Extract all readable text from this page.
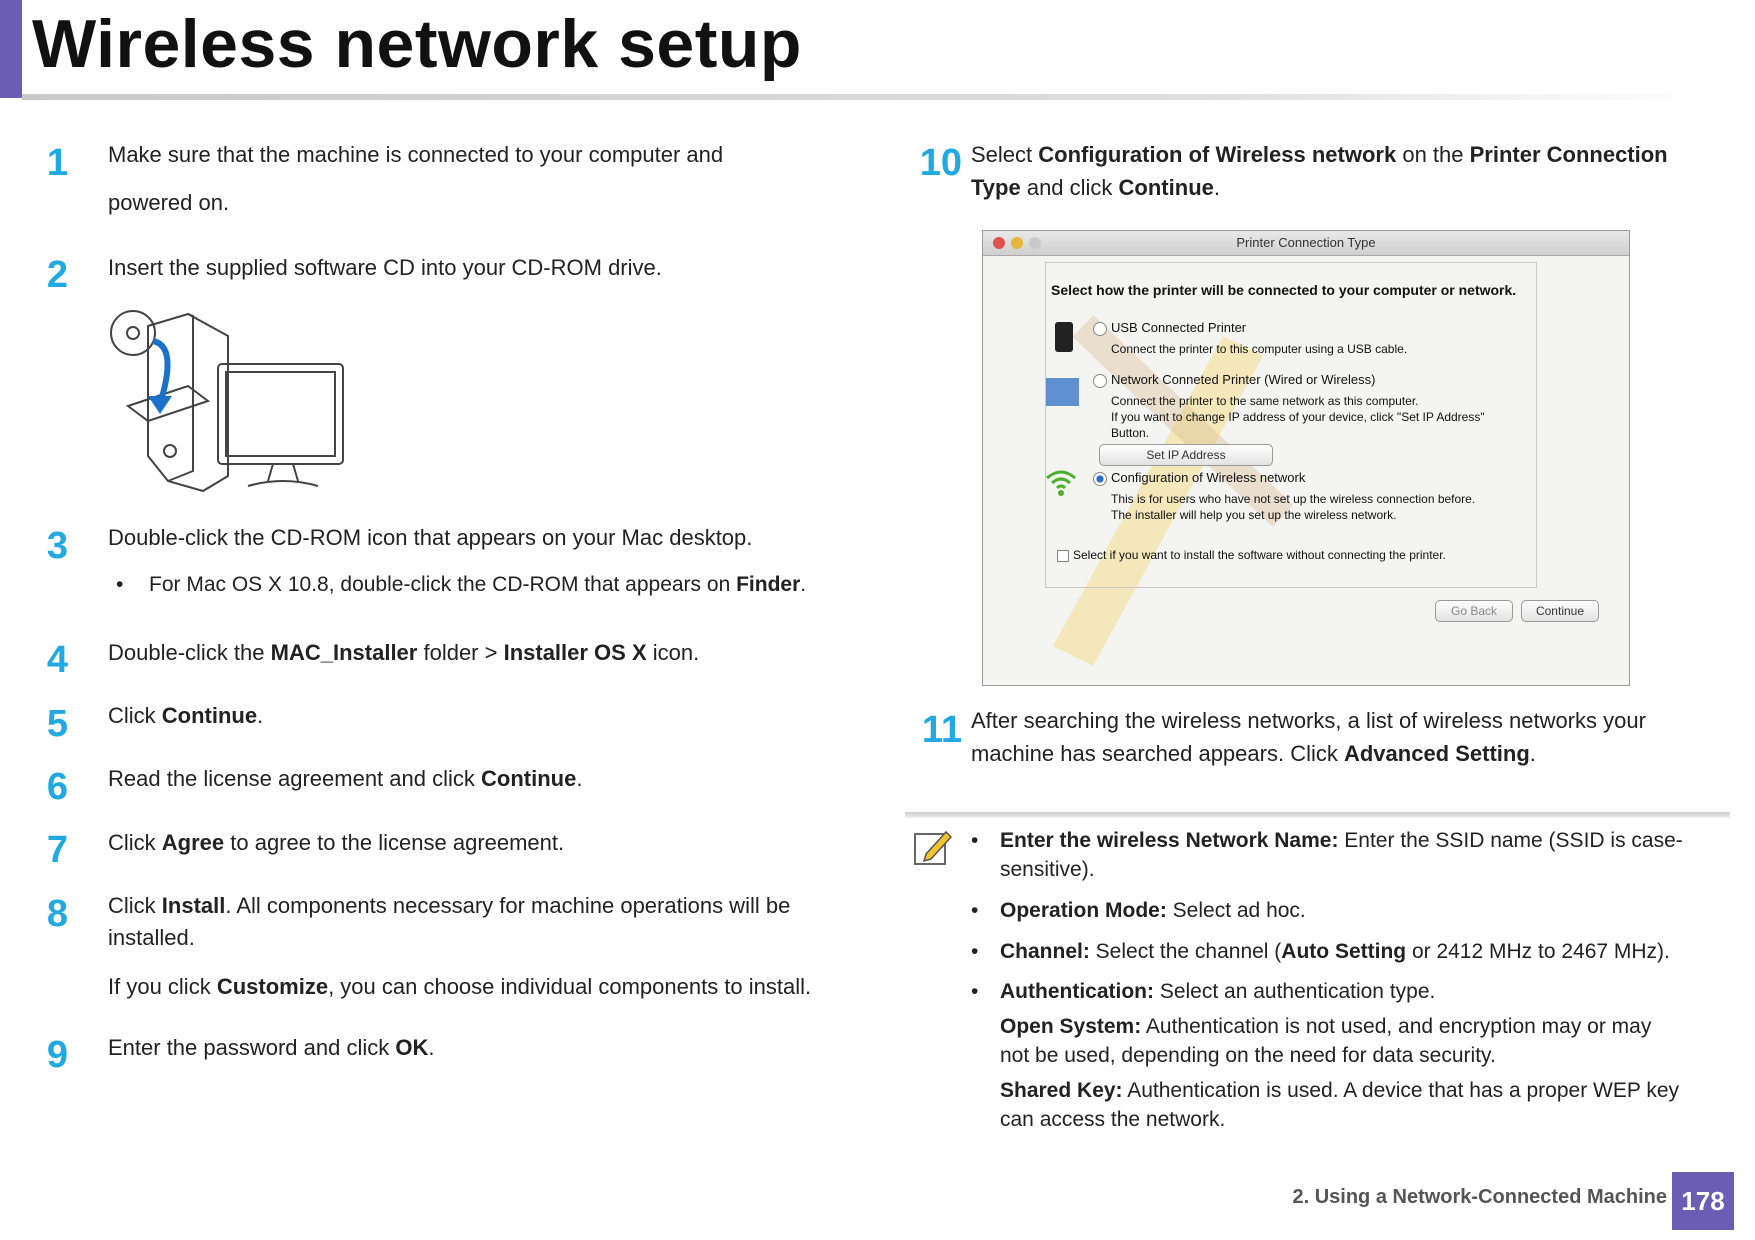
Wireless network setup
1 Make sure that the machine is connected to your computer and
powered on.
2 Insert the supplied software CD into your CD-ROM drive.
3 Double-click the CD-ROM icon that appears on your Mac desktop.
• For Mac OS X 10.8, double-click the CD-ROM that appears on Finder.
4 Double-click the MAC_Installer folder > Installer OS X icon.
5 Click Continue.
6 Read the license agreement and click Continue.
7 Click Agree to agree to the license agreement.
8 Click Install. All components necessary for machine operations will be
installed.
If you click Customize, you can choose individual components to install.
9 Enter the password and click OK.
10 Select Configuration of Wireless network on the Printer Connection
Type and click Continue.
Printer Connection Type
Select how the printer will be connected to your computer or network.
USB Connected Printer
Connect the printer to this computer using a USB cable.
Network Conneted Printer (Wired or Wireless)
Connect the printer to the same network as this computer.
If you want to change IP address of your device, click "Set IP Address"
Button.
Set IP Address
Configuration of Wireless network
This is for users who have not set up the wireless connection before.
The installer will help you set up the wireless network.
Select if you want to install the software without connecting the printer.
Go Back	Continue
11 After searching the wireless networks, a list of wireless networks your
machine has searched appears. Click Advanced Setting.
• Enter the wireless Network Name: Enter the SSID name (SSID is case-
sensitive).
• Operation Mode: Select ad hoc.
• Channel: Select the channel (Auto Setting or 2412 MHz to 2467 MHz).
• Authentication: Select an authentication type.
Open System: Authentication is not used, and encryption may or may
not be used, depending on the need for data security.
Shared Key: Authentication is used. A device that has a proper WEP key
can access the network.
2. Using a Network-Connected Machine 178
